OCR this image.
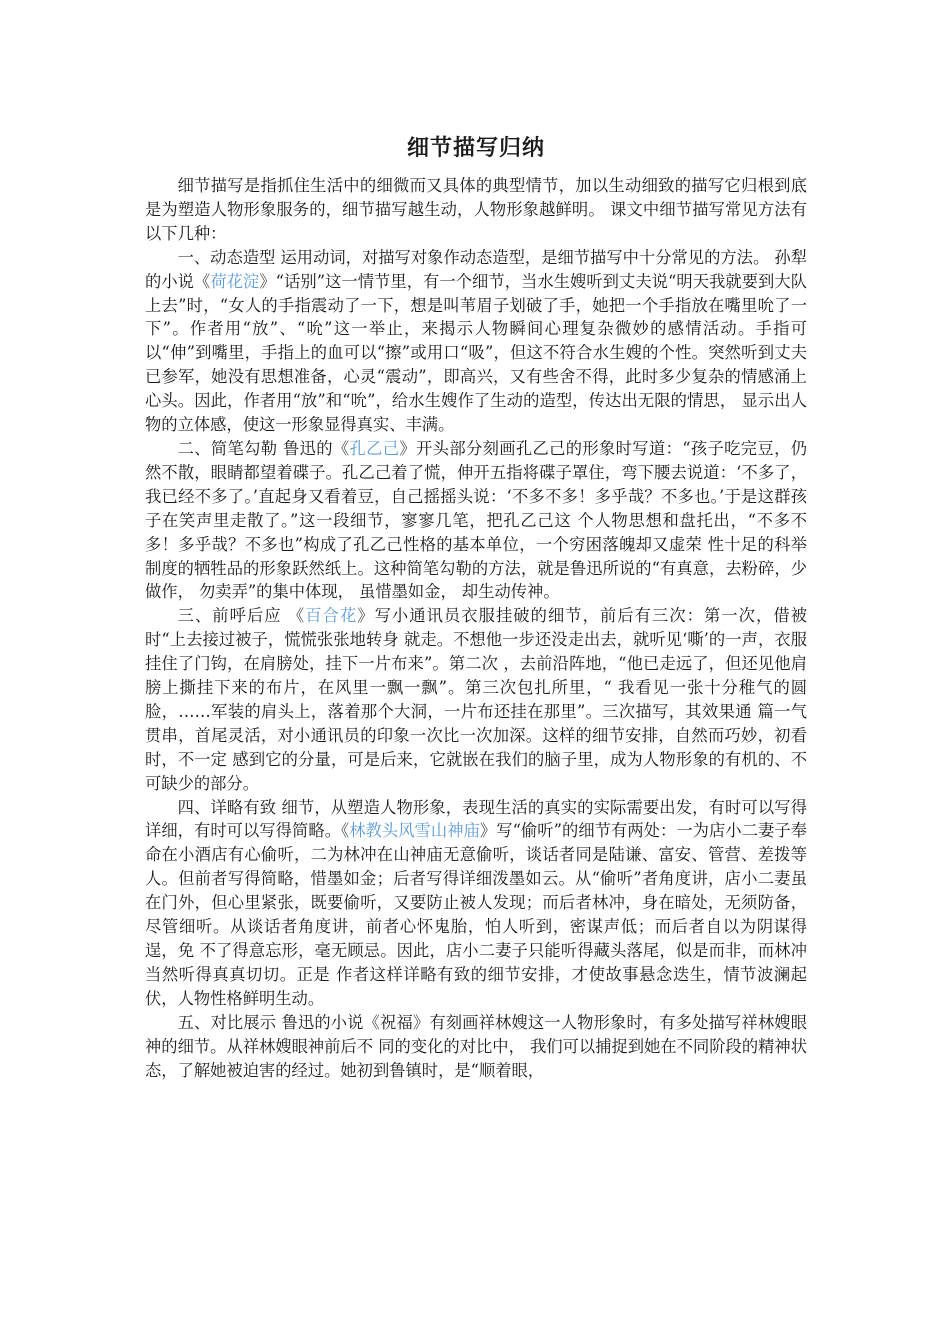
细节描写归纳

细节描写是指抓住生活中的细微而又具体的典型情节，加以生动细致的描写它归根到底是为塑造人物形象服务的，细节描写越生动，人物形象越鲜明。 课文中细节描写常见方法有以下几种：

一、动态造型 运用动词，对描写对象作动态造型，是细节描写中十分常见的方法。 孙犁的小说《荷花淀》“话别”这一情节里，有一个细节，当水生嫂听到丈夫说“明天我就要到大队上去”时，“女人的手指震动了一下，想是叫苇眉子划破了手，她把一个手指放在嘴里吮了一下”。作者用“放”、“吮”这一举止，来揭示人物瞬间心理复杂微妙的感情活动。手指可以“伸”到嘴里，手指上的血可以“擦”或用口“吸”，但这不符合水生嫂的个性。突然听到丈夫已参军，她没有思想准备，心灵“震动”，即高兴，又有些舍不得，此时多少复杂的情感涌上心头。因此，作者用“放”和“吮”，给水生嫂作了生动的造型，传达出无限的情思， 显示出人物的立体感，使这一形象显得真实、丰满。

二、简笔勾勒 鲁迅的《孔乙己》开头部分刻画孔乙己的形象时写道：“孩子吃完豆，仍然不散，眼睛都望着碟子。孔乙己着了慌，伸开五指将碟子罩住，弯下腰去说道：‘不多了，我已经不多了。’直起身又看着豆，自己摇摇头说：‘不多不多！多乎哉？不多也。’于是这群孩子在笑声里走散了。”这一段细节，寥寥几笔，把孔乙己这 个人物思想和盘托出，“不多不多！多乎哉？不多也”构成了孔乙己性格的基本单位，一个穷困落魄却又虚荣 性十足的科举制度的牺牲品的形象跃然纸上。这种简笔勾勒的方法，就是鲁迅所说的“有真意，去粉碎，少做作， 勿卖弄”的集中体现， 虽惜墨如金， 却生动传神。

三、前呼后应 《百合花》写小通讯员衣服挂破的细节，前后有三次：第一次，借被时“上去接过被子，慌慌张张地转身 就走。不想他一步还没走出去，就听见‘嘶’的一声，衣服挂住了门钩，在肩膀处，挂下一片布来”。第二次 ，去前沿阵地，“他已走远了，但还见他肩膀上撕挂下来的布片，在风里一飘一飘”。第三次包扎所里，“ 我看见一张十分稚气的圆脸，……军装的肩头上，落着那个大洞，一片布还挂在那里”。三次描写，其效果通 篇一气贯串，首尾灵活，对小通讯员的印象一次比一次加深。这样的细节安排，自然而巧妙，初看时，不一定 感到它的分量，可是后来，它就嵌在我们的脑子里，成为人物形象的有机的、不可缺少的部分。

四、详略有致 细节，从塑造人物形象，表现生活的真实的实际需要出发，有时可以写得详细，有时可以写得简略。《林教头风雪山神庙》写“偷听”的细节有两处：一为店小二妻子奉命在小酒店有心偷听，二为林冲在山神庙无意偷听，谈话者同是陆谦、富安、管营、差拨等人。但前者写得简略，惜墨如金；后者写得详细泼墨如云。从“偷听”者角度讲，店小二妻虽在门外，但心里紧张，既要偷听，又要防止被人发现；而后者林冲，身在暗处，无须防备，尽管细听。从谈话者角度讲，前者心怀鬼胎，怕人听到，密谋声低；而后者自以为阴谋得逞，免 不了得意忘形，毫无顾忌。因此，店小二妻子只能听得藏头落尾，似是而非，而林冲当然听得真真切切。正是 作者这样详略有致的细节安排，才使故事悬念迭生，情节波澜起伏，人物性格鲜明生动。

五、对比展示 鲁迅的小说《祝福》有刻画祥林嫂这一人物形象时，有多处描写祥林嫂眼神的细节。从祥林嫂眼神前后不 同的变化的对比中， 我们可以捕捉到她在不同阶段的精神状态，了解她被迫害的经过。她初到鲁镇时，是“顺着眼，
